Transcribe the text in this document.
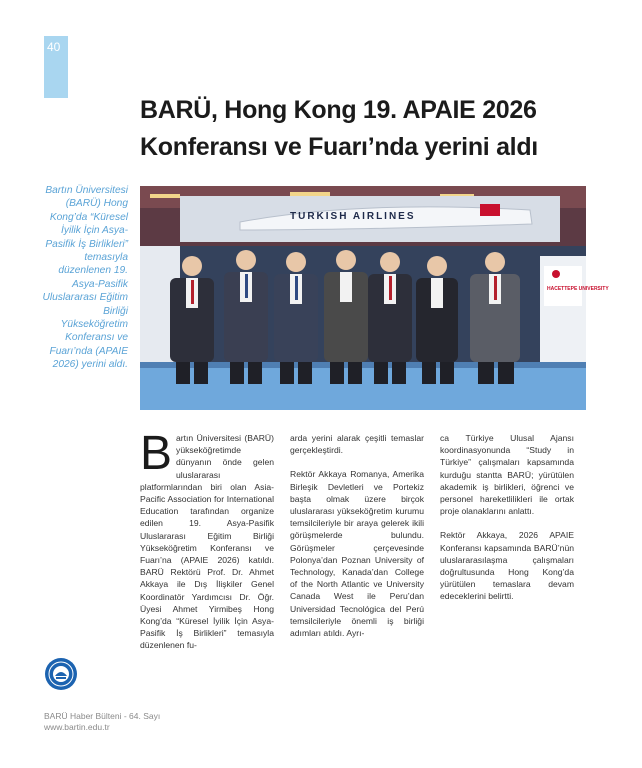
40
BARÜ, Hong Kong 19. APAIE 2026
Konferansı ve Fuarı’nda yerini aldı
Bartın Üniversitesi (BARÜ) Hong Kong’da “Küresel İyilik İçin Asya-Pasifik İş Birlikleri” temasıyla düzenlenen 19. Asya-Pasifik Uluslararası Eğitim Birliği Yükseköğretim Konferansı ve Fuarı’nda (APAIE 2026) yerini aldı.
TURKISH AIRLINES
HACETTEPE UNIVERSITY

B artın Üniversitesi (BARÜ) yükseköğretimde dünyanın önde gelen uluslararası platformlarından biri olan Asia-Pacific Association for International Education tarafından organize edilen 19. Asya-Pasifik Uluslararası Eğitim Birliği Yükseköğretim Konferansı ve Fuarı’na (APAIE 2026) katıldı. BARÜ Rektörü Prof. Dr. Ahmet Akkaya ile Dış İlişkiler Genel Koordinatör Yardımcısı Dr. Öğr. Üyesi Ahmet Yirmibeş Hong Kong’da “Küresel İyilik İçin Asya-Pasifik İş Birlikleri” temasıyla düzenlenen fu-

arda yerini alarak çeşitli temaslar gerçekleştirdi.

Rektör Akkaya Romanya, Amerika Birleşik Devletleri ve Portekiz başta olmak üzere birçok uluslararası yükseköğretim kurumu temsilcileriyle bir araya gelerek ikili görüşmelerde bulundu. Görüşmeler çerçevesinde Polonya’dan Poznan University of Technology, Kanada’dan College of the North Atlantic ve University Canada West ile Peru’dan Universidad Tecnológica del Perú temsilcileriyle önemli iş birliği adımları atıldı. Ayrı-

ca Türkiye Ulusal Ajansı koordinasyonunda “Study in Türkiye” çalışmaları kapsamında kurduğu stantta BARÜ; yürütülen akademik iş birlikleri, öğrenci ve personel hareketlilikleri ile ortak proje olanaklarını anlattı.

Rektör Akkaya, 2026 APAIE Konferansı kapsamında BARÜ’nün uluslararasılaşma çalışmaları doğrultusunda Hong Kong’da yürütülen temaslara devam edeceklerini belirtti.

BARÜ Haber Bülteni - 64. Sayı
www.bartin.edu.tr
